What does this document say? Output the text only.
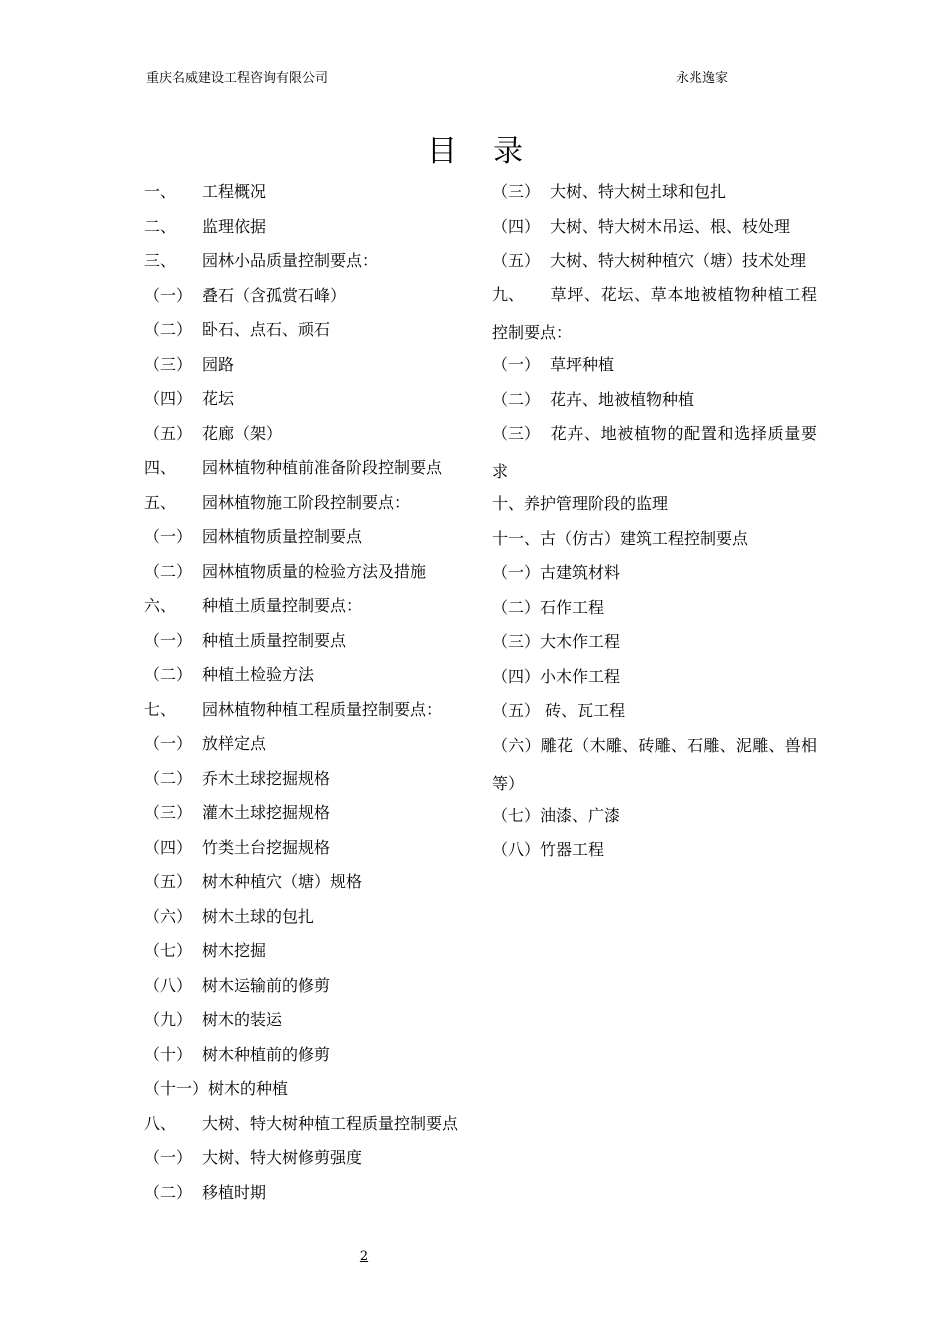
重庆名威建设工程咨询有限公司	永兆逸家
目录
一、 工程概况
二、 监理依据
三、 园林小品质量控制要点：
（一） 叠石（含孤赏石峰）
（二） 卧石、点石、顽石
（三） 园路
（四） 花坛
（五） 花廊（架）
四、 园林植物种植前准备阶段控制要点
五、 园林植物施工阶段控制要点：
（一） 园林植物质量控制要点
（二） 园林植物质量的检验方法及措施
六、 种植土质量控制要点：
（一） 种植土质量控制要点
（二） 种植土检验方法
七、 园林植物种植工程质量控制要点：
（一） 放样定点
（二） 乔木土球挖掘规格
（三） 灌木土球挖掘规格
（四） 竹类土台挖掘规格
（五） 树木种植穴（塘）规格
（六） 树木土球的包扎
（七） 树木挖掘
（八） 树木运输前的修剪
（九） 树木的装运
（十） 树木种植前的修剪
（十一）树木的种植
八、 大树、特大树种植工程质量控制要点
（一） 大树、特大树修剪强度
（二） 移植时期
（三） 大树、特大树土球和包扎
（四） 大树、特大树木吊运、根、枝处理
（五） 大树、特大树种植穴（塘）技术处理
九、 草坪、花坛、草本地被植物种植工程控制要点：
（一） 草坪种植
（二） 花卉、地被植物种植
（三） 花卉、地被植物的配置和选择质量要求
十、养护管理阶段的监理
十一、古（仿古）建筑工程控制要点
（一）古建筑材料
（二）石作工程
（三）大木作工程
（四）小木作工程
（五） 砖、瓦工程
（六）雕花（木雕、砖雕、石雕、泥雕、兽相等）
（七）油漆、广漆
（八）竹器工程
2
